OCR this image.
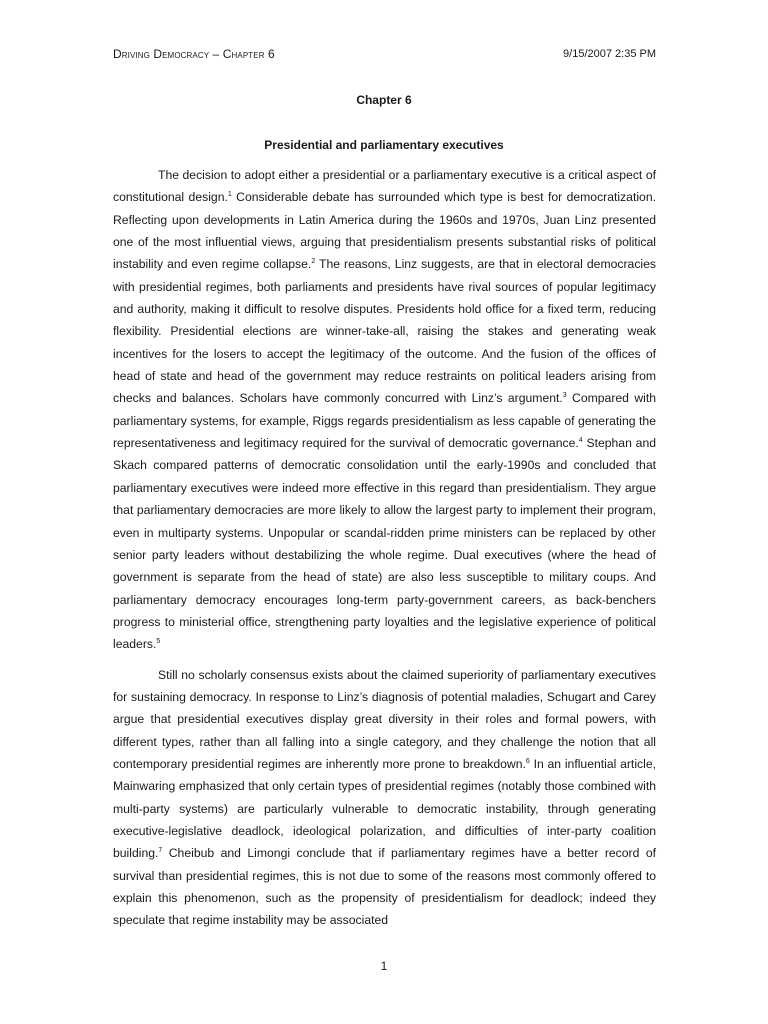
Driving Democracy – Chapter 6	9/15/2007 2:35 PM
Chapter 6
Presidential and parliamentary executives

The decision to adopt either a presidential or a parliamentary executive is a critical aspect of constitutional design.$^1$ Considerable debate has surrounded which type is best for democratization. Reflecting upon developments in Latin America during the 1960s and 1970s, Juan Linz presented one of the most influential views, arguing that presidentialism presents substantial risks of political instability and even regime collapse.$^2$ The reasons, Linz suggests, are that in electoral democracies with presidential regimes, both parliaments and presidents have rival sources of popular legitimacy and authority, making it difficult to resolve disputes. Presidents hold office for a fixed term, reducing flexibility. Presidential elections are winner-take-all, raising the stakes and generating weak incentives for the losers to accept the legitimacy of the outcome. And the fusion of the offices of head of state and head of the government may reduce restraints on political leaders arising from checks and balances. Scholars have commonly concurred with Linz’s argument.$^3$ Compared with parliamentary systems, for example, Riggs regards presidentialism as less capable of generating the representativeness and legitimacy required for the survival of democratic governance.$^4$ Stephan and Skach compared patterns of democratic consolidation until the early-1990s and concluded that parliamentary executives were indeed more effective in this regard than presidentialism. They argue that parliamentary democracies are more likely to allow the largest party to implement their program, even in multiparty systems. Unpopular or scandal-ridden prime ministers can be replaced by other senior party leaders without destabilizing the whole regime. Dual executives (where the head of government is separate from the head of state) are also less susceptible to military coups. And parliamentary democracy encourages long-term party-government careers, as back-benchers progress to ministerial office, strengthening party loyalties and the legislative experience of political leaders.$^5$

Still no scholarly consensus exists about the claimed superiority of parliamentary executives for sustaining democracy. In response to Linz’s diagnosis of potential maladies, Schugart and Carey argue that presidential executives display great diversity in their roles and formal powers, with different types, rather than all falling into a single category, and they challenge the notion that all contemporary presidential regimes are inherently more prone to breakdown.$^6$ In an influential article, Mainwaring emphasized that only certain types of presidential regimes (notably those combined with multi-party systems) are particularly vulnerable to democratic instability, through generating executive-legislative deadlock, ideological polarization, and difficulties of inter-party coalition building.$^7$ Cheibub and Limongi conclude that if parliamentary regimes have a better record of survival than presidential regimes, this is not due to some of the reasons most commonly offered to explain this phenomenon, such as the propensity of presidentialism for deadlock; indeed they speculate that regime instability may be associated

1
